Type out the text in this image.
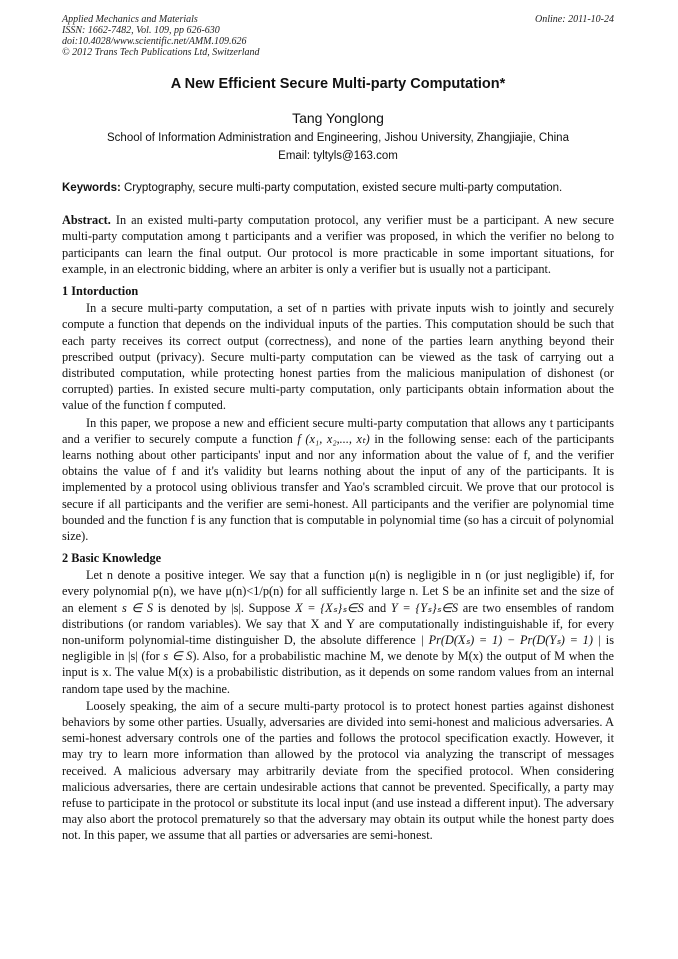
Applied Mechanics and Materials
ISSN: 1662-7482, Vol. 109, pp 626-630
doi:10.4028/www.scientific.net/AMM.109.626
© 2012 Trans Tech Publications Ltd, Switzerland
Online: 2011-10-24
A New Efficient Secure Multi-party Computation*
Tang Yonglong
School of Information Administration and Engineering, Jishou University, Zhangjiajie, China
Email: tyltyls@163.com
Keywords: Cryptography, secure multi-party computation, existed secure multi-party computation.
Abstract. In an existed multi-party computation protocol, any verifier must be a participant. A new secure multi-party computation among t participants and a verifier was proposed, in which the verifier no belong to participants can learn the final output. Our protocol is more practicable in some important situations, for example, in an electronic bidding, where an arbiter is only a verifier but is usually not a participant.
1 Intorduction

In a secure multi-party computation, a set of n parties with private inputs wish to jointly and securely compute a function that depends on the individual inputs of the parties. This computation should be such that each party receives its correct output (correctness), and none of the parties learn anything beyond their prescribed output (privacy). Secure multi-party computation can be viewed as the task of carrying out a distributed computation, while protecting honest parties from the malicious manipulation of dishonest (or corrupted) parties. In existed secure multi-party computation, only participants obtain information about the value of the function f computed.

In this paper, we propose a new and efficient secure multi-party computation that allows any t participants and a verifier to securely compute a function f (x₁, x₂,..., xₜ) in the following sense: each of the participants learns nothing about other participants' input and nor any information about the value of f, and the verifier obtains the value of f and it's validity but learns nothing about the input of any of the participants. It is implemented by a protocol using oblivious transfer and Yao's scrambled circuit. We prove that our protocol is secure if all participants and the verifier are semi-honest. All participants and the verifier are polynomial time bounded and the function f is any function that is computable in polynomial time (so has a circuit of polynomial size).

2 Basic Knowledge

Let n denote a positive integer. We say that a function μ(n) is negligible in n (or just negligible) if, for every polynomial p(n), we have μ(n)<1/p(n) for all sufficiently large n. Let S be an infinite set and the size of an element s ∈ S is denoted by |s|. Suppose X = {Xₛ}ₛ∈S and Y = {Yₛ}ₛ∈S are two ensembles of random distributions (or random variables). We say that X and Y are computationally indistinguishable if, for every non-uniform polynomial-time distinguisher D, the absolute difference | Pr(D(Xₛ) = 1) − Pr(D(Yₛ) = 1) | is negligible in |s| (for s ∈ S). Also, for a probabilistic machine M, we denote by M(x) the output of M when the input is x. The value M(x) is a probabilistic distribution, as it depends on some random values from an internal random tape used by the machine.

Loosely speaking, the aim of a secure multi-party protocol is to protect honest parties against dishonest behaviors by some other parties. Usually, adversaries are divided into semi-honest and malicious adversaries. A semi-honest adversary controls one of the parties and follows the protocol specification exactly. However, it may try to learn more information than allowed by the protocol via analyzing the transcript of messages received. A malicious adversary may arbitrarily deviate from the specified protocol. When considering malicious adversaries, there are certain undesirable actions that cannot be prevented. Specifically, a party may refuse to participate in the protocol or substitute its local input (and use instead a different input). The adversary may also abort the protocol prematurely so that the adversary may obtain its output while the honest party does not. In this paper, we assume that all parties or adversaries are semi-honest.
